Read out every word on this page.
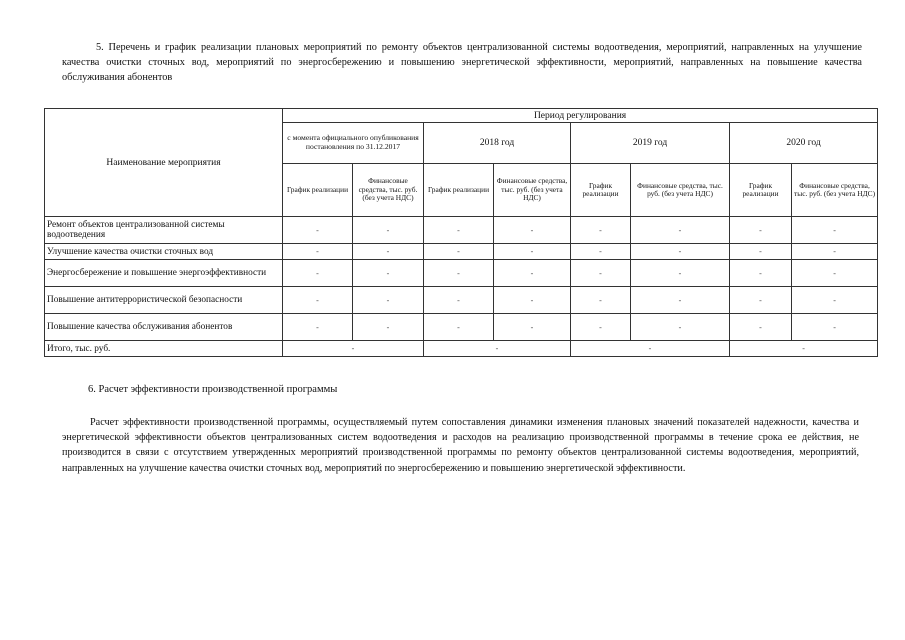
5. Перечень и график реализации плановых мероприятий по ремонту объектов централизованной системы водоотведения, мероприятий, направленных на улучшение качества очистки сточных вод, мероприятий по энергосбережению и повышению энергетической эффективности, мероприятий, направленных на повышение качества обслуживания абонентов
Наименование мероприятия	Период регулирования							
	с момента официального опубликования постановления по 31.12.2017		2018 год		2019 год		2020 год	
	График реализации	Финансовые средства, тыс. руб. (без учета НДС)	График реализации	Финансовые средства, тыс. руб. (без учета НДС)	График реализации	Финансовые средства, тыс. руб. (без учета НДС)	График реализации	Финансовые средства, тыс. руб. (без учета НДС)
Ремонт объектов централизованной системы водоотведения	-	-	-	-	-	-	-	-
Улучшение качества очистки сточных вод	-	-	-	-	-	-	-	-
Энергосбережение и повышение энергоэффективности	-	-	-	-	-	-	-	-
Повышение антитеррористической безопасности	-	-	-	-	-	-	-	-
Повышение качества обслуживания абонентов	-	-	-	-	-	-	-	-
Итого, тыс. руб.	-		-		-		-	
6. Расчет эффективности производственной программы
Расчет эффективности производственной программы, осуществляемый путем сопоставления динамики изменения плановых значений показателей надежности, качества и энергетической эффективности объектов централизованных систем водоотведения и расходов на реализацию производственной программы в течение срока ее действия, не производится в связи с отсутствием утвержденных мероприятий производственной программы по ремонту объектов централизованной системы водоотведения, мероприятий, направленных на улучшение качества очистки сточных вод, мероприятий по энергосбережению и повышению энергетической эффективности.
